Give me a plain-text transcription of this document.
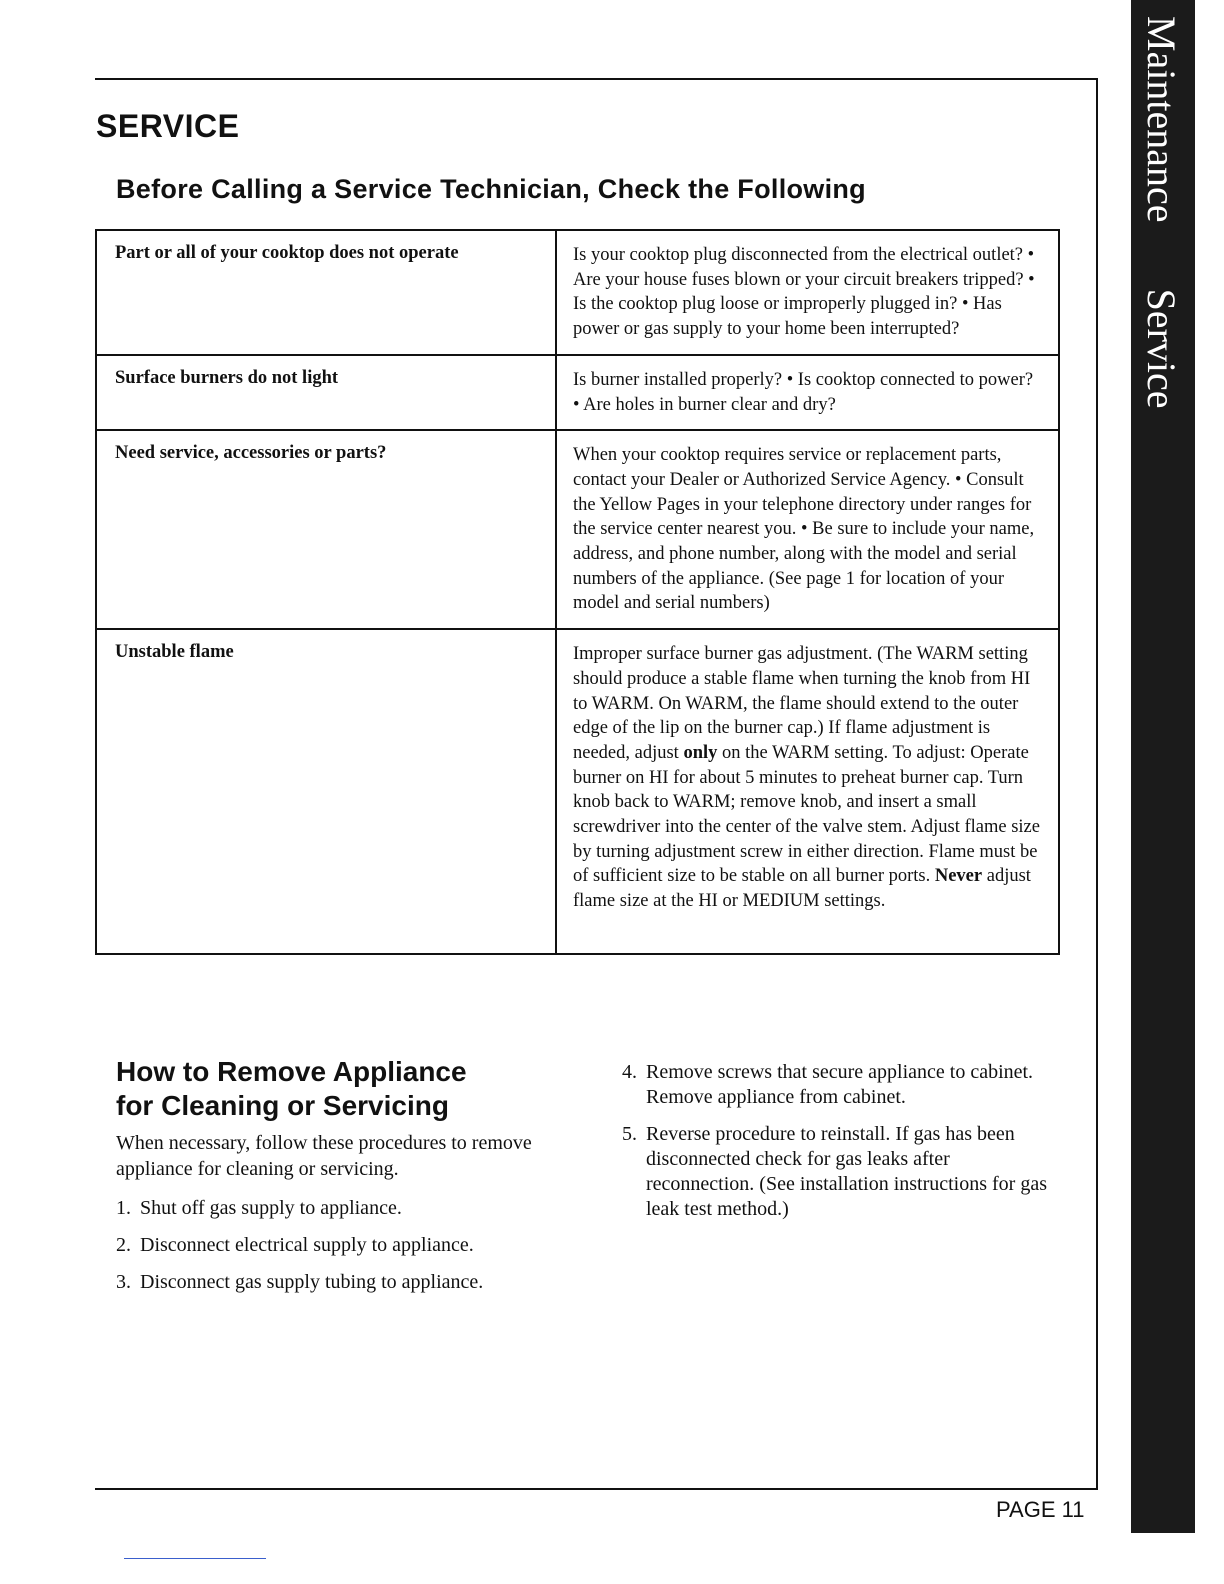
MaintenanceService
SERVICE
Before Calling a Service Technician, Check the Following
Part or all of your cooktop does not operate	Is your cooktop plug disconnected from the electrical outlet? • Are your house fuses blown or your circuit breakers tripped? • Is the cooktop plug loose or improperly plugged in? • Has power or gas supply to your home been interrupted?
Surface burners do not light	Is burner installed properly? • Is cooktop connected to power? • Are holes in burner clear and dry?
Need service, accessories or parts?	When your cooktop requires service or replacement parts, contact your Dealer or Authorized Service Agency. • Consult the Yellow Pages in your telephone directory under ranges for the service center nearest you. • Be sure to include your name, address, and phone number, along with the model and serial numbers of the appliance. (See page 1 for location of your model and serial numbers)
Unstable flame	Improper surface burner gas adjustment. (The WARM setting should produce a stable flame when turning the knob from HI to WARM. On WARM, the flame should extend to the outer edge of the lip on the burner cap.) If flame adjustment is needed, adjust only on the WARM setting. To adjust: Operate burner on HI for about 5 minutes to preheat burner cap. Turn knob back to WARM; remove knob, and insert a small screwdriver into the center of the valve stem. Adjust flame size by turning adjustment screw in either direction. Flame must be of sufficient size to be stable on all burner ports. Never adjust flame size at the HI or MEDIUM settings.
How to Remove Appliance
for Cleaning or Servicing

When necessary, follow these procedures to remove appliance for cleaning or servicing.

1. Shut off gas supply to appliance.
2. Disconnect electrical supply to appliance.
3. Disconnect gas supply tubing to appliance.
4. Remove screws that secure appliance to cabinet. Remove appliance from cabinet.
5. Reverse procedure to reinstall. If gas has been disconnected check for gas leaks after reconnection. (See installation instructions for gas leak test method.)

PAGE 11
